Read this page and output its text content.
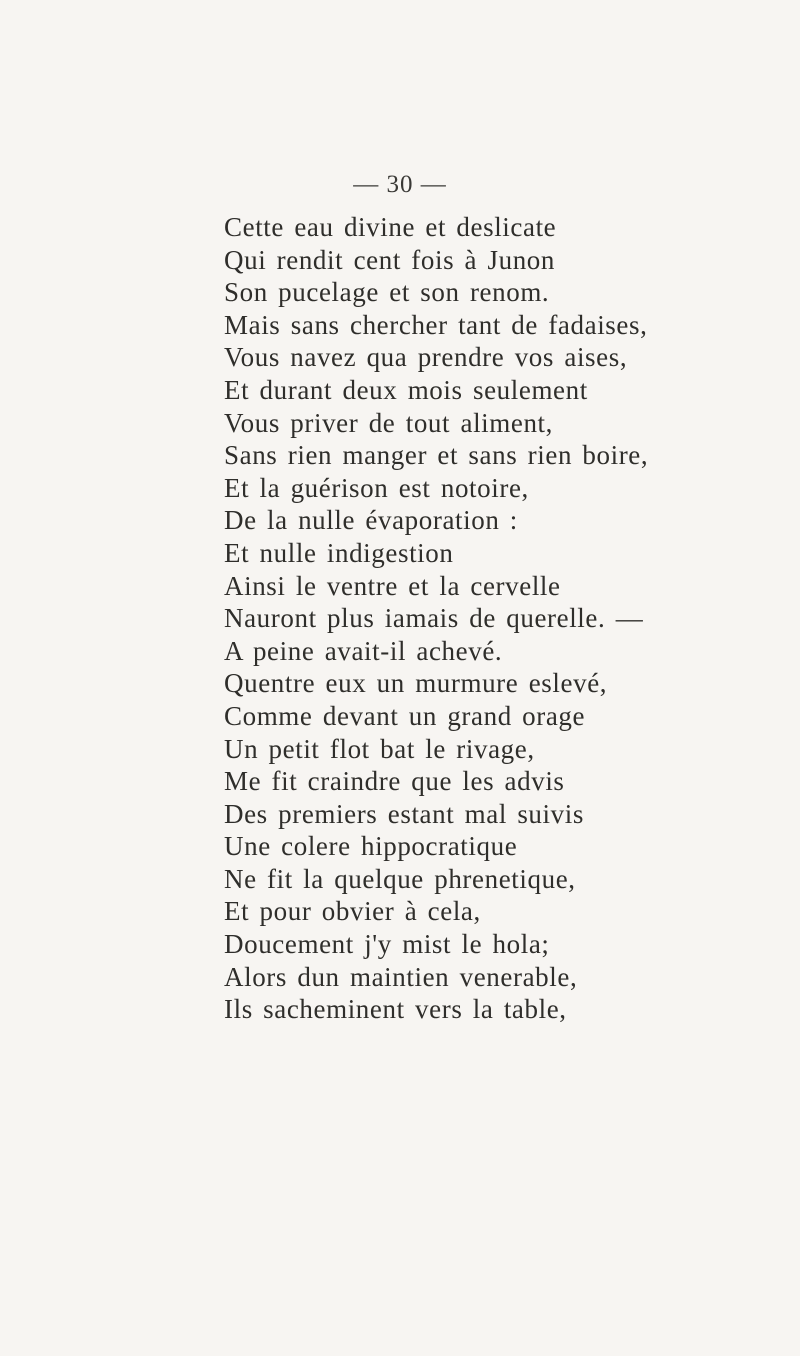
— 30 —
Cette eau divine et deslicate
Qui rendit cent fois à Junon
Son pucelage et son renom.
Mais sans chercher tant de fadaises,
Vous navez qua prendre vos aises,
Et durant deux mois seulement
Vous priver de tout aliment,
Sans rien manger et sans rien boire,
Et la guérison est notoire,
De la nulle évaporation :
Et nulle indigestion
Ainsi le ventre et la cervelle
Nauront plus iamais de querelle. —
A peine avait-il achevé.
Quentre eux un murmure eslevé,
Comme devant un grand orage
Un petit flot bat le rivage,
Me fit craindre que les advis
Des premiers estant mal suivis
Une colere hippocratique
Ne fit la quelque phrenetique,
Et pour obvier à cela,
Doucement j'y mist le hola;
Alors dun maintien venerable,
Ils sacheminent vers la table,
